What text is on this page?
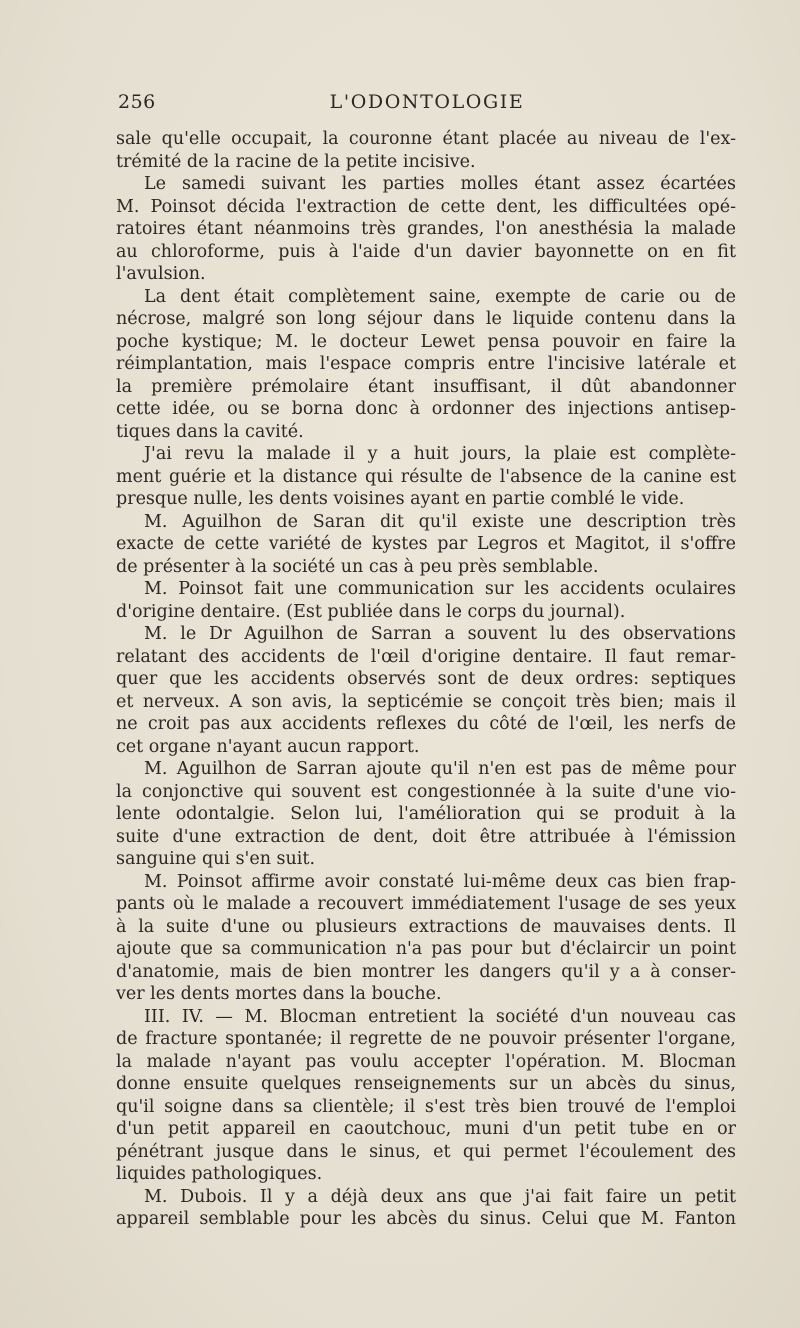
256	L'ODONTOLOGIE
sale qu'elle occupait, la couronne étant placée au niveau de l'ex-
trémité de la racine de la petite incisive.
Le samedi suivant les parties molles étant assez écartées
M. Poinsot décida l'extraction de cette dent, les difficultées opé-
ratoires étant néanmoins très grandes, l'on anesthésia la malade
au chloroforme, puis à l'aide d'un davier bayonnette on en fit
l'avulsion.
La dent était complètement saine, exempte de carie ou de
nécrose, malgré son long séjour dans le liquide contenu dans la
poche kystique; M. le docteur Lewet pensa pouvoir en faire la
réimplantation, mais l'espace compris entre l'incisive latérale et
la première prémolaire étant insuffisant, il dût abandonner
cette idée, ou se borna donc à ordonner des injections antisep-
tiques dans la cavité.
J'ai revu la malade il y a huit jours, la plaie est complète-
ment guérie et la distance qui résulte de l'absence de la canine est
presque nulle, les dents voisines ayant en partie comblé le vide.
M. Aguilhon de Saran dit qu'il existe une description très
exacte de cette variété de kystes par Legros et Magitot, il s'offre
de présenter à la société un cas à peu près semblable.
M. Poinsot fait une communication sur les accidents oculaires
d'origine dentaire. (Est publiée dans le corps du journal).
M. le Dr Aguilhon de Sarran a souvent lu des observations
relatant des accidents de l'œil d'origine dentaire. Il faut remar-
quer que les accidents observés sont de deux ordres: septiques
et nerveux. A son avis, la septicémie se conçoit très bien; mais il
ne croit pas aux accidents reflexes du côté de l'œil, les nerfs de
cet organe n'ayant aucun rapport.
M. Aguilhon de Sarran ajoute qu'il n'en est pas de même pour
la conjonctive qui souvent est congestionnée à la suite d'une vio-
lente odontalgie. Selon lui, l'amélioration qui se produit à la
suite d'une extraction de dent, doit être attribuée à l'émission
sanguine qui s'en suit.
M. Poinsot affirme avoir constaté lui-même deux cas bien frap-
pants où le malade a recouvert immédiatement l'usage de ses yeux
à la suite d'une ou plusieurs extractions de mauvaises dents. Il
ajoute que sa communication n'a pas pour but d'éclaircir un point
d'anatomie, mais de bien montrer les dangers qu'il y a à conser-
ver les dents mortes dans la bouche.
III. IV. — M. Blocman entretient la société d'un nouveau cas
de fracture spontanée; il regrette de ne pouvoir présenter l'organe,
la malade n'ayant pas voulu accepter l'opération. M. Blocman
donne ensuite quelques renseignements sur un abcès du sinus,
qu'il soigne dans sa clientèle; il s'est très bien trouvé de l'emploi
d'un petit appareil en caoutchouc, muni d'un petit tube en or
pénétrant jusque dans le sinus, et qui permet l'écoulement des
liquides pathologiques.
M. Dubois. Il y a déjà deux ans que j'ai fait faire un petit
appareil semblable pour les abcès du sinus. Celui que M. Fanton
